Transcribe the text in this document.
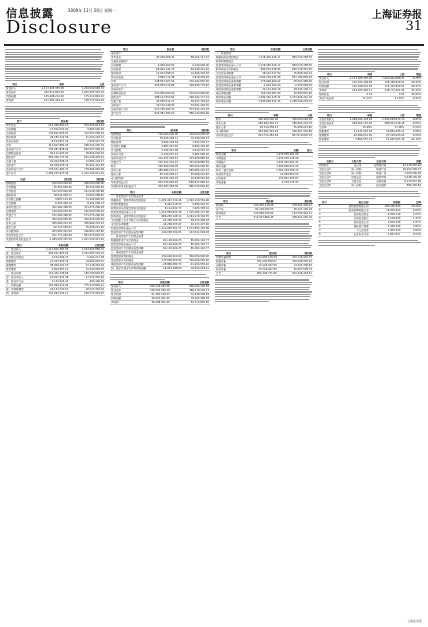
信息披露	2009年 11月 20日 星期一	上海证券报
Disclosure	31
项目	本期	上期
营业收入	1,117,005,387.05	1,224,502,668.31
营业成本	942,011,803.20	1,001,287,552.10
利润总额	125,408,212.64	175,310,840.21
净利润	101,263,442.11	148,772,901.05
资产	期末数	期初数
货币资金	211,456,800.12	193,205,611.43
应收票据	12,500,000.00	9,860,000.00
应收账款	133,822,455.67	112,503,206.34
预付款项	26,780,114.58	21,443,220.17
其他应收款	8,214,557.20	7,004,912.33
存货	312,507,880.45	298,441,005.76
流动资产合计	705,281,808.02	642,457,956.03
长期股权投资	40,112,000.00	38,902,000.00
固定资产	582,446,771.90	601,228,403.51
在建工程	91,204,558.32	72,665,104.27
无形资产	64,208,332.15	65,901,447.80
非流动资产合计	778,971,662.37	778,696,955.58
资产总计	1,484,253,470.39	1,421,154,911.61
负债	期末数	期初数
短期借款	220,000,000.00	260,000,000.00
应付票据	45,300,000.00	38,100,000.00
应付账款	152,447,816.29	141,226,305.88
预收款项	18,642,009.71	14,503,288.65
应付职工薪酬	9,887,114.36	11,204,665.02
应交税费	6,205,448.19	8,441,006.73
流动负债合计	452,482,388.55	473,475,266.28
长期借款	120,000,000.00	100,000,000.00
负债合计	572,482,388.55	573,475,266.28
股本	300,000,000.00	300,000,000.00
资本公积	285,664,201.13	285,664,201.13
盈余公积	62,114,558.27	55,408,221.40
未分配利润	263,992,322.44	206,607,222.80
所有者权益合计	911,771,081.84	847,679,645.33
负债和所有者权益总计	1,484,253,470.39	1,421,154,911.61
项目	本期金额	上期金额
一、营业收入	1,117,005,387.05	1,224,502,668.31
减：营业成本	942,011,803.20	1,001,287,552.10
营业税金及附加	4,512,006.37	5,204,117.48
销售费用	21,447,903.18	19,662,045.21
管理费用	28,906,221.50	27,118,443.09
财务费用	9,804,557.12	12,440,905.76
二、营业利润	110,323,196.68	158,789,604.67
加：营业外收入	16,207,441.38	17,220,381.90
减：营业外支出	1,122,425.42	699,146.36
三、利润总额	125,408,212.64	175,310,840.21
减：所得税费用	24,144,770.53	26,537,939.16
四、净利润	101,263,442.11	148,772,901.05
项目	期末数	期初数
流动资产：		
货币资金	95,228,406.31	88,204,117.52
交易性金融资产		
应收票据	4,300,000.00	5,120,000.00
应收账款	66,902,144.75	60,448,221.09
预付款项	12,004,588.21	10,506,334.18
其他应收款	3,660,772.48	2,918,405.63
存货	148,553,207.94	139,402,655.40
流动资产合计	330,649,119.69	306,599,733.82
非流动资产：		
长期股权投资	210,000,000.00	210,000,000.00
固定资产	288,114,503.62	296,402,771.19
在建工程	44,508,212.77	36,227,118.04
无形资产	30,115,448.92	30,901,226.55
非流动资产合计	572,738,165.31	573,531,115.78
资产总计	903,387,285.00	880,130,849.60
项目	期末数	期初数
短期借款	110,000,000.00	130,000,000.00
应付账款	78,225,406.11	70,448,902.33
预收款项	9,502,118.64	7,204,335.27
应付职工薪酬	4,887,021.55	5,604,118.20
应交税费	3,102,447.08	4,220,503.37
其他应付款	6,440,227.19	5,981,006.42
流动负债合计	212,157,220.57	223,458,865.59
负债合计	212,157,220.57	223,458,865.59
股本	300,000,000.00	300,000,000.00
资本公积	285,664,201.13	285,664,201.13
盈余公积	62,114,558.27	55,408,221.40
未分配利润	43,451,305.03	15,599,561.48
所有者权益合计	691,230,064.43	656,671,984.01
负债和所有者权益总计	903,387,285.00	880,130,849.60
项目	本期金额	上期金额
一、经营活动产生的现金流量：		
销售商品、提供劳务收到的现金	1,205,447,310.26	1,302,118,554.90
收到的税费返还	6,402,118.33	5,880,224.15
收到其他与经营活动有关的现金	8,114,502.77	7,205,338.41
经营活动现金流入小计	1,219,963,931.36	1,315,204,117.46
购买商品、接受劳务支付的现金	986,205,448.12	1,044,118,302.55
支付给职工以及为职工支付的现金	62,448,105.34	58,225,406.18
支付的各项税费	44,208,335.47	49,115,227.60
经营活动现金流出小计	1,110,905,221.71	1,171,662,118.08
经营活动产生的现金流量净额	109,058,709.65	143,541,999.38
二、投资活动产生的现金流量：		
购建固定资产支付的现金	62,118,440.25	85,402,116.77
投资活动现金流出小计	62,118,440.25	85,402,116.77
投资活动产生的现金流量净额	-62,118,440.25	-85,402,116.77
三、筹资活动产生的现金流量：		
取得借款收到的现金	250,000,000.00	300,000,000.00
偿还债务支付的现金	270,000,000.00	320,000,000.00
筹资活动产生的现金流量净额	-28,886,080.71	-41,204,553.20
四、现金及现金等价物净增加额	18,054,188.69	16,935,329.41
项目	本期金额	上期金额
营业收入	520,118,447.06	566,402,118.35
营业成本	438,205,336.18	466,118,302.71
营业利润	51,402,118.44	70,338,226.59
利润总额	58,115,402.30	76,205,448.18
净利润	49,398,091.96	64,774,630.95
项目	本期金额	上期金额
一、经营活动：		
销售商品收到的现金	1,178,405,226.17	884,720,338.35
收到的税费返还		
经营活动现金流入小计	1,178,405,226.17	884,720,338.35
购买商品支付的现金	964,502,118.36	802,118,447.20
支付的各项税费	38,204,117.59	35,668,402.15
经营活动现金流出小计	1,002,706,235.95	837,786,849.35
经营活动现金流量净额	175,698,990.22	46,933,489.00
投资活动现金流量净额	-1,254,301.00	-2,104,558.34
筹资活动现金流量净额	-70,115,402.18	-28,445,106.71
现金净增加额	104,329,287.04	16,383,823.95
期初现金余额	1,289,340,225.21	1,272,956,401.26
期末现金余额	1,393,669,512.25	1,289,340,225.21
项目	本期	上期
股本	300,000,000.00	300,000,000.00
资本公积	285,664,201.13	285,664,201.13
盈余公积	62,114,558.27	55,408,221.40
未分配利润	263,992,322.44	206,607,222.80
所有者权益合计	911,771,081.84	847,679,645.33
项目	金额	备注
期初余额	1,272,956,401.26	
本期增加	1,445,205,118.40	
本期减少	1,324,492,007.41	
期末余额	1,393,669,512.25	
其中：银行存款	1,381,204,558.72	
其他货币资金	12,464,953.53	
应收账款	133,822,455.67	
坏账准备	6,704,118.33	
项目	期末数	期初数
原材料	122,405,118.26	118,204,336.47
在产品	64,118,402.55	60,447,205.18
库存商品	125,984,359.64	119,789,464.11
合计	312,507,880.45	298,441,005.76
项目	期末数	期初数
房屋及建筑物	214,405,118.33	220,118,402.75
机器设备	331,204,558.67	342,448,105.20
运输设备	12,118,447.06	13,204,336.82
其他设备	24,718,647.84	25,457,558.74
合计	582,446,771.90	601,228,403.51
项目	本期	上期	增减
营业收入	1,117,005,387.05	1,224,502,668.31	-8.78%
营业利润	110,323,196.68	158,789,604.67	-30.52%
利润总额	125,408,212.64	175,310,840.21	-28.47%
净利润	101,263,442.11	148,772,901.05	-31.93%
每股收益	0.34	0.50	-32.00%
净资产收益率	11.11%	17.55%	-6.44%
项目	本期	上期	增减
主营业务收入	1,098,204,118.26	1,204,558,672.10	-8.83%
主营业务成本	928,402,115.40	988,204,336.18	-6.05%
毛利率	15.46%	17.96%	-2.50%
销售费用	21,447,903.18	19,662,045.21	9.08%
管理费用	28,906,221.50	27,118,443.09	6.59%
财务费用	9,804,557.12	12,440,905.76	-21.19%
关联方	关联关系	交易内容	金额
控股股东	母公司	采购原材料	42,118,405.26
关联企业A	同一控制	销售产品	18,204,336.47
关联企业B	同一控制	租赁厂房	1,200,000.00
关联企业C	联营企业	提供劳务	3,448,105.20
关联企业D	合营企业	采购设备	6,118,447.06
关联企业E	同一控制	技术服务	884,336.82
序号	股东名称	持股数	比例
1	控股集团有限公司	165,000,000	55.00%
2	投资管理有限公司	18,000,000	6.00%
3	证券投资基金	6,204,118	2.07%
4	社保基金组合	4,118,405	1.37%
5	信托投资公司	3,204,336	1.07%
6	保险资产管理	2,448,105	0.82%
7	个人投资者	1,905,220	0.64%
8	企业年金计划	1,604,557	0.53%
上海证券报
